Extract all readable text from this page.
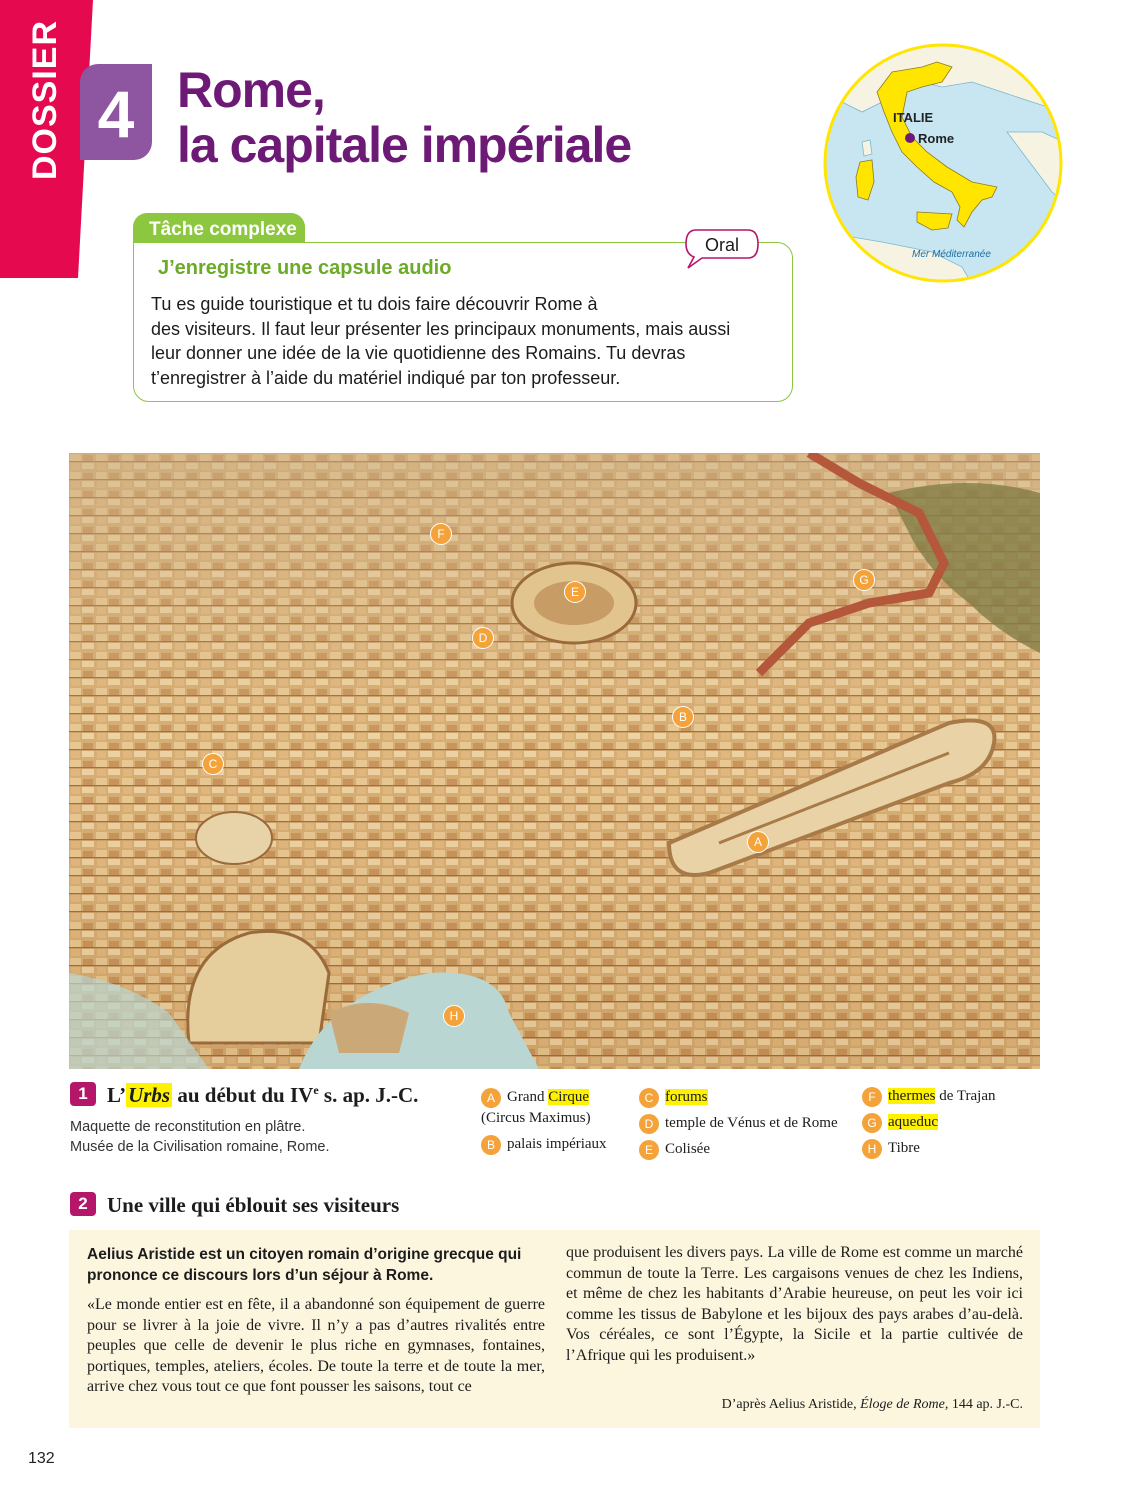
DOSSIER 4 Rome,
la capitale impériale	ITALIE
Rome
Mer Méditerranée
Tâche complexe
J’enregistre une capsule audio
Tu es guide touristique et tu dois faire découvrir Rome à
des visiteurs. Il faut leur présenter les principaux monuments, mais aussi
leur donner une idée de la vie quotidienne des Romains. Tu devras
t’enregistrer à l’aide du matériel indiqué par ton professeur.
Oral
F
E
G
D
B
C
A
H
1 L’Urbs au début du IVe s. ap. J.-C.
Maquette de reconstitution en plâtre.
Musée de la Civilisation romaine, Rome.
A Grand Cirque
(Circus Maximus)
B palais impériaux
C forums
D temple de Vénus et de Rome
E Colisée
F thermes de Trajan
G aqueduc
H Tibre
2 Une ville qui éblouit ses visiteurs
Aelius Aristide est un citoyen romain d’origine grecque qui prononce ce discours lors d’un séjour à Rome.
«Le monde entier est en fête, il a abandonné son équipement de guerre pour se livrer à la joie de vivre. Il n’y a pas d’autres rivalités entre peuples que celle de devenir le plus riche en gymnases, fontaines, portiques, temples, ateliers, écoles. De toute la terre et de toute la mer, arrive chez vous tout ce que font pousser les saisons, tout ce
que produisent les divers pays. La ville de Rome est comme un marché commun de toute la Terre. Les cargaisons venues de chez les Indiens, et même de chez les habitants d’Arabie heureuse, on peut les voir ici comme les tissus de Babylone et les bijoux des pays arabes d’au-delà. Vos céréales, ce sont l’Égypte, la Sicile et la partie cultivée de l’Afrique qui les produisent.»
D’après Aelius Aristide, Éloge de Rome, 144 ap. J.-C.
132
